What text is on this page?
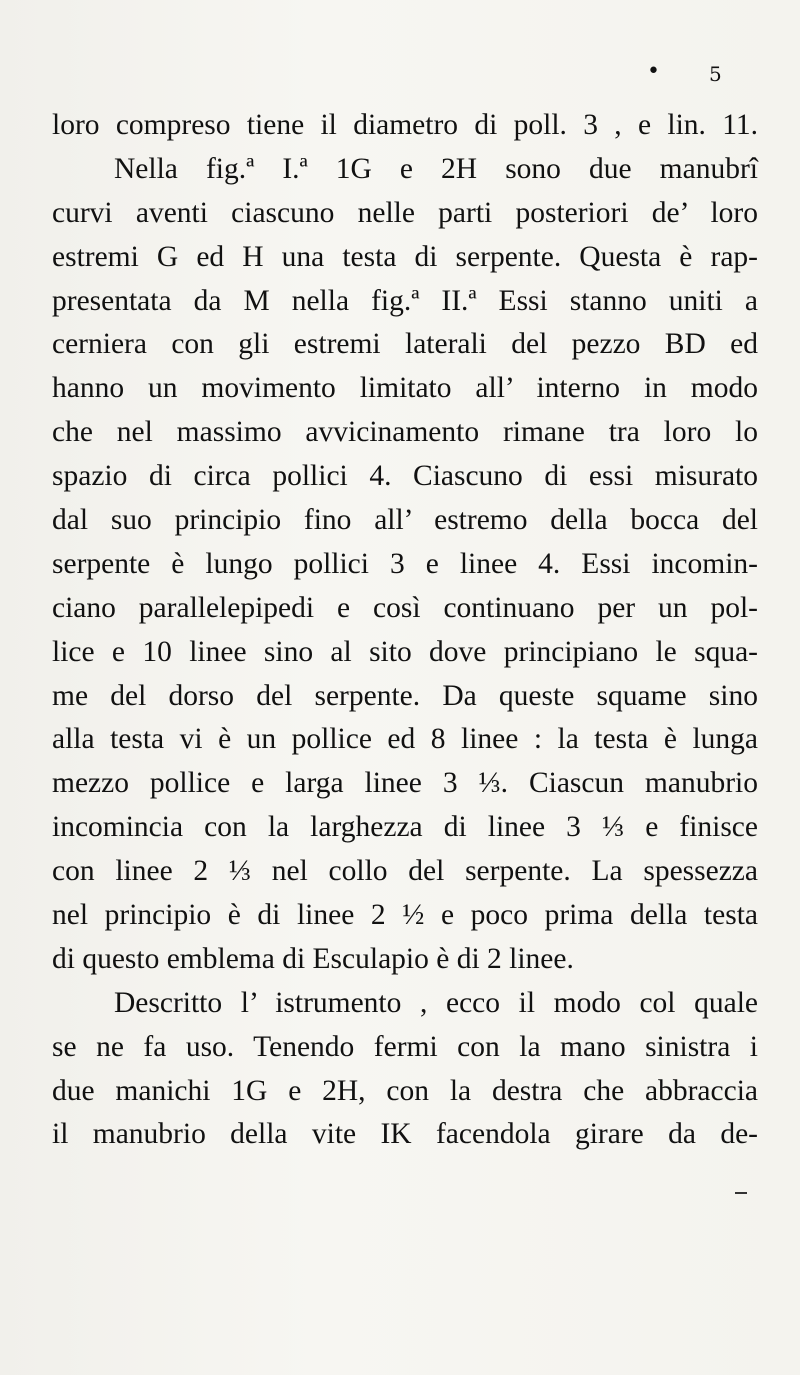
• 5
loro compreso tiene il diametro di poll. 3 , e lin. 11.
Nella fig.ª I.ª 1G e 2H sono due manubrî
curvi aventi ciascuno nelle parti posteriori de’ loro
estremi G ed H una testa di serpente. Questa è rap-
presentata da M nella fig.ª II.ª Essi stanno uniti a
cerniera con gli estremi laterali del pezzo BD ed
hanno un movimento limitato all’ interno in modo
che nel massimo avvicinamento rimane tra loro lo
spazio di circa pollici 4. Ciascuno di essi misurato
dal suo principio fino all’ estremo della bocca del
serpente è lungo pollici 3 e linee 4. Essi incomin-
ciano parallelepipedi e così continuano per un pol-
lice e 10 linee sino al sito dove principiano le squa-
me del dorso del serpente. Da queste squame sino
alla testa vi è un pollice ed 8 linee : la testa è lunga
mezzo pollice e larga linee 3 ⅓. Ciascun manubrio
incomincia con la larghezza di linee 3 ⅓ e finisce
con linee 2 ⅓ nel collo del serpente. La spessezza
nel principio è di linee 2 ½ e poco prima della testa
di questo emblema di Esculapio è di 2 linee.
Descritto l’ istrumento , ecco il modo col quale
se ne fa uso. Tenendo fermi con la mano sinistra i
due manichi 1G e 2H, con la destra che abbraccia
il manubrio della vite IK facendola girare da de-
